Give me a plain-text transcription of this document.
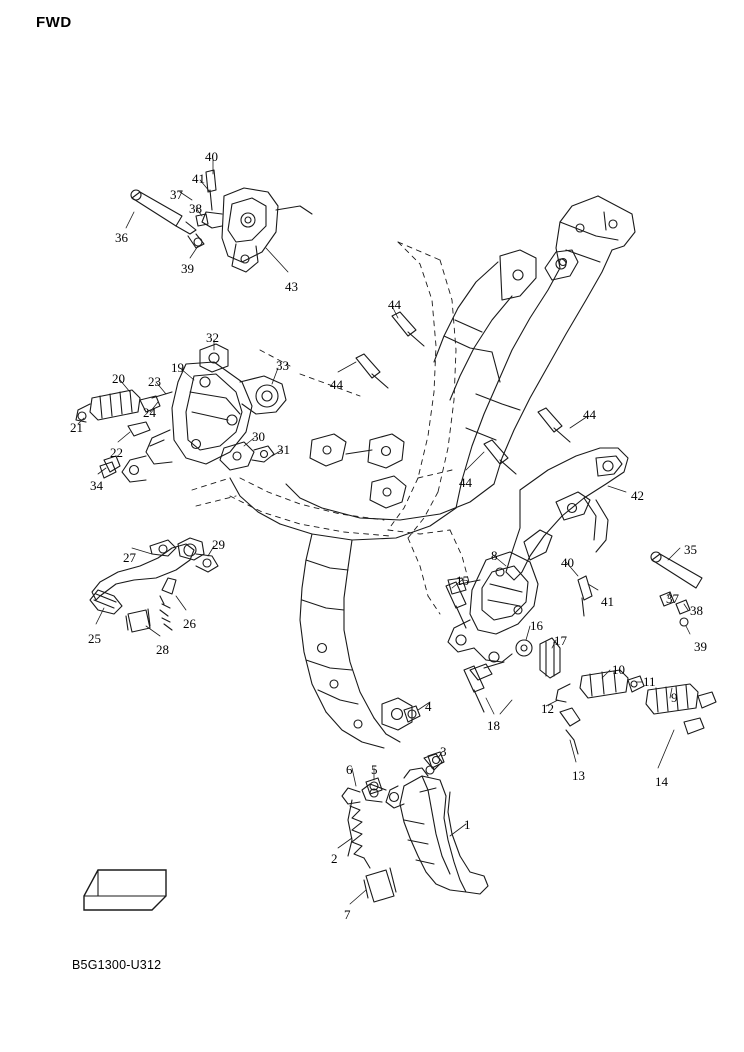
FWD
B5G1300-U312
40
41
37
38
36
39
43
44
32
33
19
44
20 23
44
24
21
22
30
31
44
34
42
27
29
8	40
35
41
15
37
38
26
25
28
16
39
17
10
11
9
18
12
4
13	14
3
6 5
1
2
7
